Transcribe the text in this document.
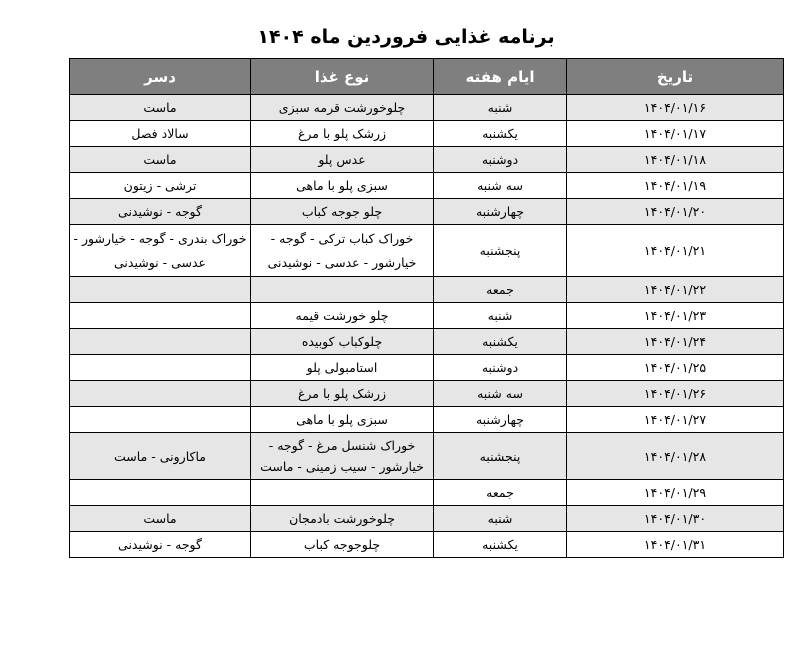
برنامه غذایی فروردین ماه ۱۴۰۴
تاریخ	ایام هفته	نوع غذا	دسر
۱۴۰۴/۰۱/۱۶	شنبه	چلوخورشت قرمه سبزی	ماست
۱۴۰۴/۰۱/۱۷	یکشنبه	زرشک پلو با مرغ	سالاد فصل
۱۴۰۴/۰۱/۱۸	دوشنبه	عدس پلو	ماست
۱۴۰۴/۰۱/۱۹	سه شنبه	سبزی پلو با ماهی	ترشی - زیتون
۱۴۰۴/۰۱/۲۰	چهارشنبه	چلو جوجه کباب	گوجه - نوشیدنی
۱۴۰۴/۰۱/۲۱	پنجشنبه	خوراک کباب ترکی - گوجه - خیارشور - عدسی - نوشیدنی	خوراک بندری - گوجه - خیارشور - عدسی - نوشیدنی
۱۴۰۴/۰۱/۲۲	جمعه		
۱۴۰۴/۰۱/۲۳	شنبه	چلو خورشت قیمه	
۱۴۰۴/۰۱/۲۴	یکشنبه	چلوکباب کوبیده	
۱۴۰۴/۰۱/۲۵	دوشنبه	استامبولی پلو	
۱۴۰۴/۰۱/۲۶	سه شنبه	زرشک پلو با مرغ	
۱۴۰۴/۰۱/۲۷	چهارشنبه	سبزی پلو با ماهی	
۱۴۰۴/۰۱/۲۸	پنجشنبه	خوراک شنسل مرغ - گوجه - خیارشور - سیب زمینی - ماست	ماکارونی - ماست
۱۴۰۴/۰۱/۲۹	جمعه		
۱۴۰۴/۰۱/۳۰	شنبه	چلوخورشت بادمجان	ماست
۱۴۰۴/۰۱/۳۱	یکشنبه	چلوجوجه کباب	گوجه - نوشیدنی
